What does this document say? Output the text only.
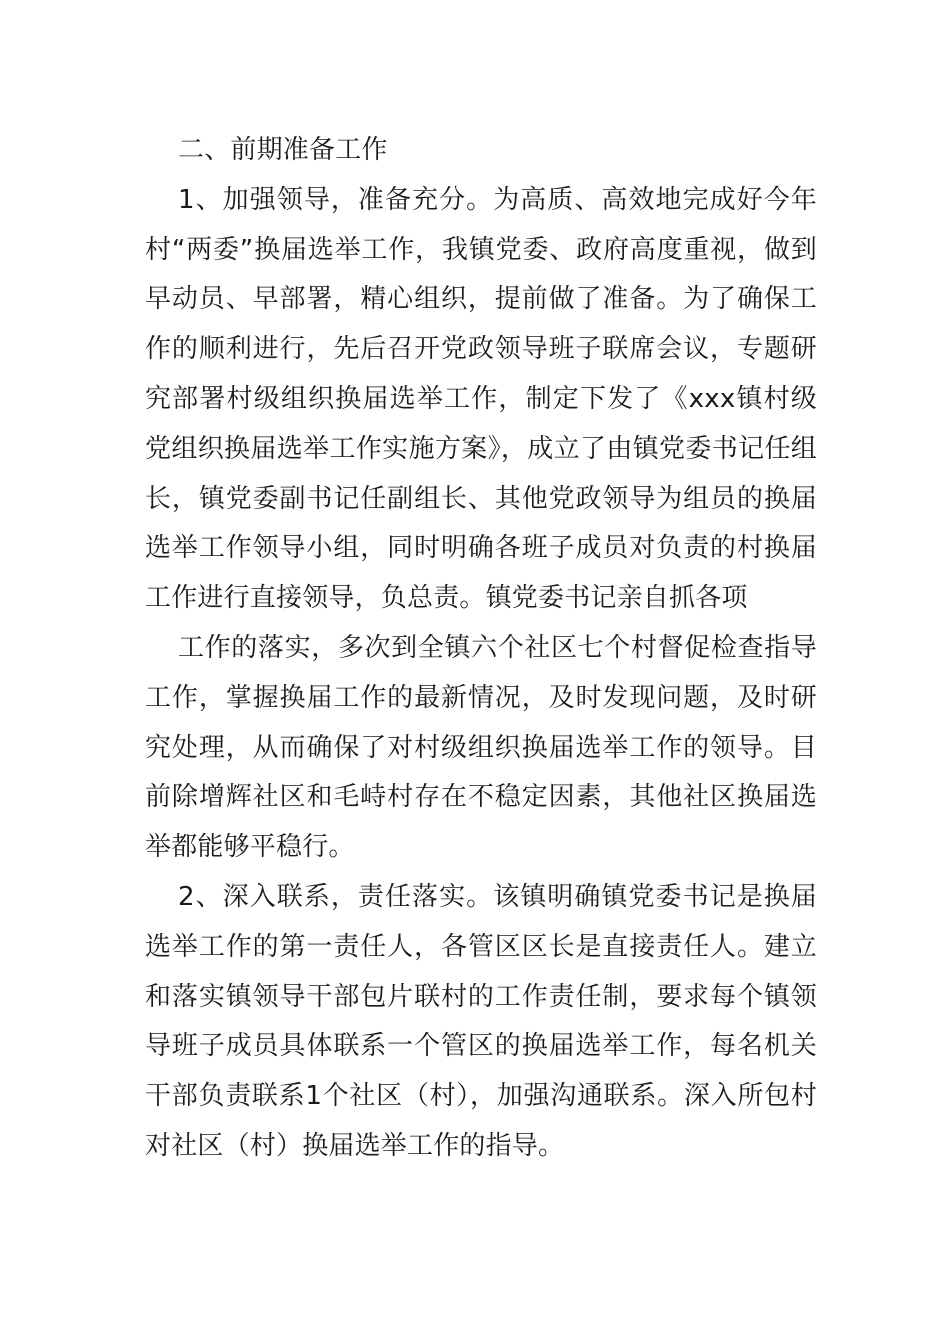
二、前期准备工作

1、加强领导，准备充分。为高质、高效地完成好今年村“两委”换届选举工作，我镇党委、政府高度重视，做到早动员、早部署，精心组织，提前做了准备。为了确保工作的顺利进行，先后召开党政领导班子联席会议，专题研究部署村级组织换届选举工作，制定下发了《xxx镇村级党组织换届选举工作实施方案》，成立了由镇党委书记任组长，镇党委副书记任副组长、其他党政领导为组员的换届选举工作领导小组，同时明确各班子成员对负责的村换届工作进行直接领导，负总责。镇党委书记亲自抓各项

工作的落实，多次到全镇六个社区七个村督促检查指导工作，掌握换届工作的最新情况，及时发现问题，及时研究处理，从而确保了对村级组织换届选举工作的领导。目前除增辉社区和毛峙村存在不稳定因素，其他社区换届选举都能够平稳行。

2、深入联系，责任落实。该镇明确镇党委书记是换届选举工作的第一责任人，各管区区长是直接责任人。建立和落实镇领导干部包片联村的工作责任制，要求每个镇领导班子成员具体联系一个管区的换届选举工作，每名机关干部负责联系1个社区（村），加强沟通联系。深入所包村对社区（村）换届选举工作的指导。
